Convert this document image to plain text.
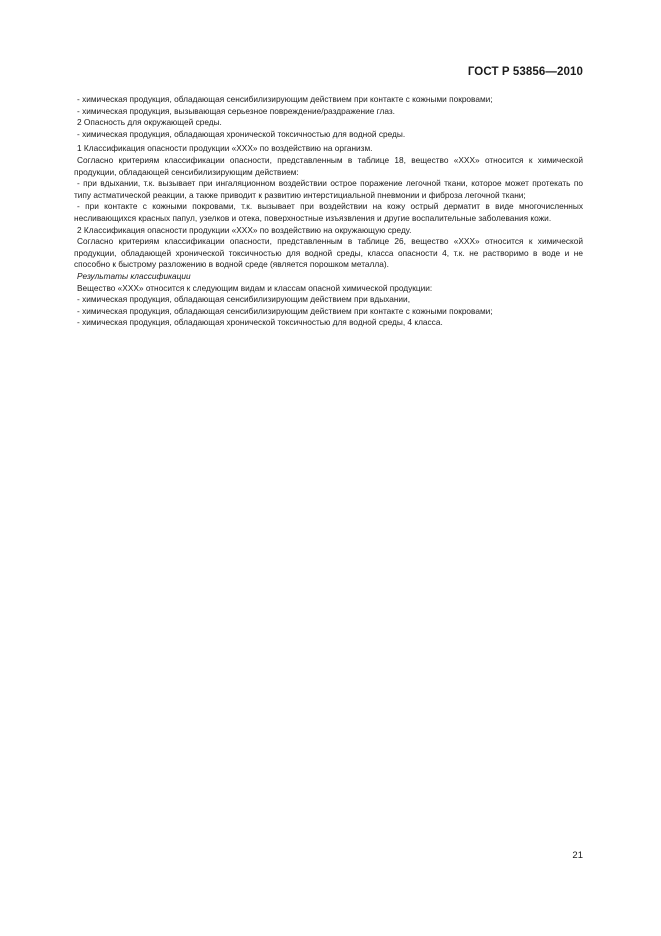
ГОСТ Р 53856—2010

- химическая продукция, обладающая сенсибилизирующим действием при контакте с кожными покровами;

- химическая продукция, вызывающая серьезное повреждение/раздражение глаз.

2 Опасность для окружающей среды.

- химическая продукция, обладающая хронической токсичностью для водной среды.

1 Классификация опасности продукции «ХХХ» по воздействию на организм.

Согласно критериям классификации опасности, представленным в таблице 18, вещество «ХХХ» относится к химической продукции, обладающей сенсибилизирующим действием:

- при вдыхании, т.к. вызывает при ингаляционном воздействии острое поражение легочной ткани, которое может протекать по типу астматической реакции, а также приводит к развитию интерстициальной пневмонии и фиброза легочной ткани;

- при контакте с кожными покровами, т.к. вызывает при воздействии на кожу острый дерматит в виде многочисленных несливающихся красных папул, узелков и отека, поверхностные изъязвления и другие воспалительные заболевания кожи.

2 Классификация опасности продукции «ХХХ» по воздействию на окружающую среду.

Согласно критериям классификации опасности, представленным в таблице 26, вещество «ХХХ» относится к химической продукции, обладающей хронической токсичностью для водной среды, класса опасности 4, т.к. не растворимо в воде и не способно к быстрому разложению в водной среде (является порошком металла).

Результаты классификации

Вещество «ХХХ» относится к следующим видам и классам опасной химической продукции:

- химическая продукция, обладающая сенсибилизирующим действием при вдыхании,

- химическая продукция, обладающая сенсибилизирующим действием при контакте с кожными покровами;

- химическая продукция, обладающая хронической токсичностью для водной среды, 4 класса.

21
